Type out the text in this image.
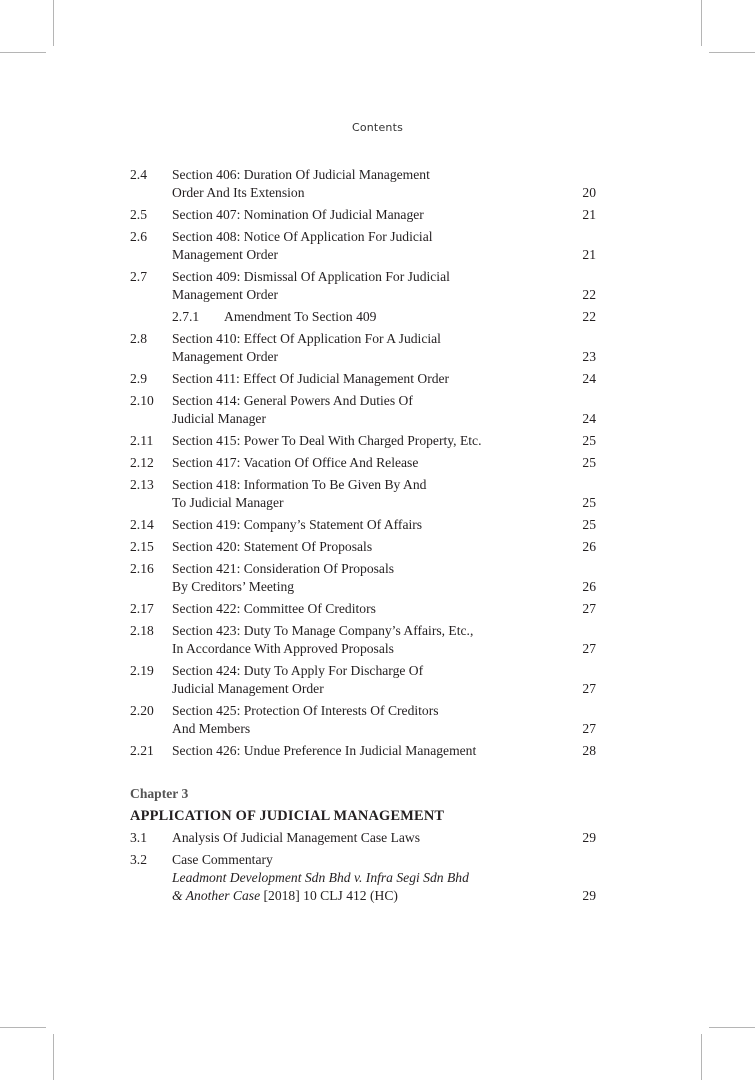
Contents
2.4	Section 406: Duration Of Judicial Management
Order And Its Extension	20
2.5	Section 407: Nomination Of Judicial Manager	21
2.6	Section 408: Notice Of Application For Judicial
Management Order	21
2.7	Section 409: Dismissal Of Application For Judicial
Management Order	22
2.7.1	Amendment To Section 409	22
2.8	Section 410: Effect Of Application For A Judicial
Management Order	23
2.9	Section 411: Effect Of Judicial Management Order	24
2.10	Section 414: General Powers And Duties Of
Judicial Manager	24
2.11	Section 415: Power To Deal With Charged Property, Etc.	25
2.12	Section 417: Vacation Of Office And Release	25
2.13	Section 418: Information To Be Given By And
To Judicial Manager	25
2.14	Section 419: Company’s Statement Of Affairs	25
2.15	Section 420: Statement Of Proposals	26
2.16	Section 421: Consideration Of Proposals
By Creditors’ Meeting	26
2.17	Section 422: Committee Of Creditors	27
2.18	Section 423: Duty To Manage Company’s Affairs, Etc.,
In Accordance With Approved Proposals	27
2.19	Section 424: Duty To Apply For Discharge Of
Judicial Management Order	27
2.20	Section 425: Protection Of Interests Of Creditors
And Members	27
2.21	Section 426: Undue Preference In Judicial Management	28
Chapter 3
APPLICATION OF JUDICIAL MANAGEMENT
3.1	Analysis Of Judicial Management Case Laws	29
3.2	Case Commentary
Leadmont Development Sdn Bhd v. Infra Segi Sdn Bhd
& Another Case [2018] 10 CLJ 412 (HC)	29
